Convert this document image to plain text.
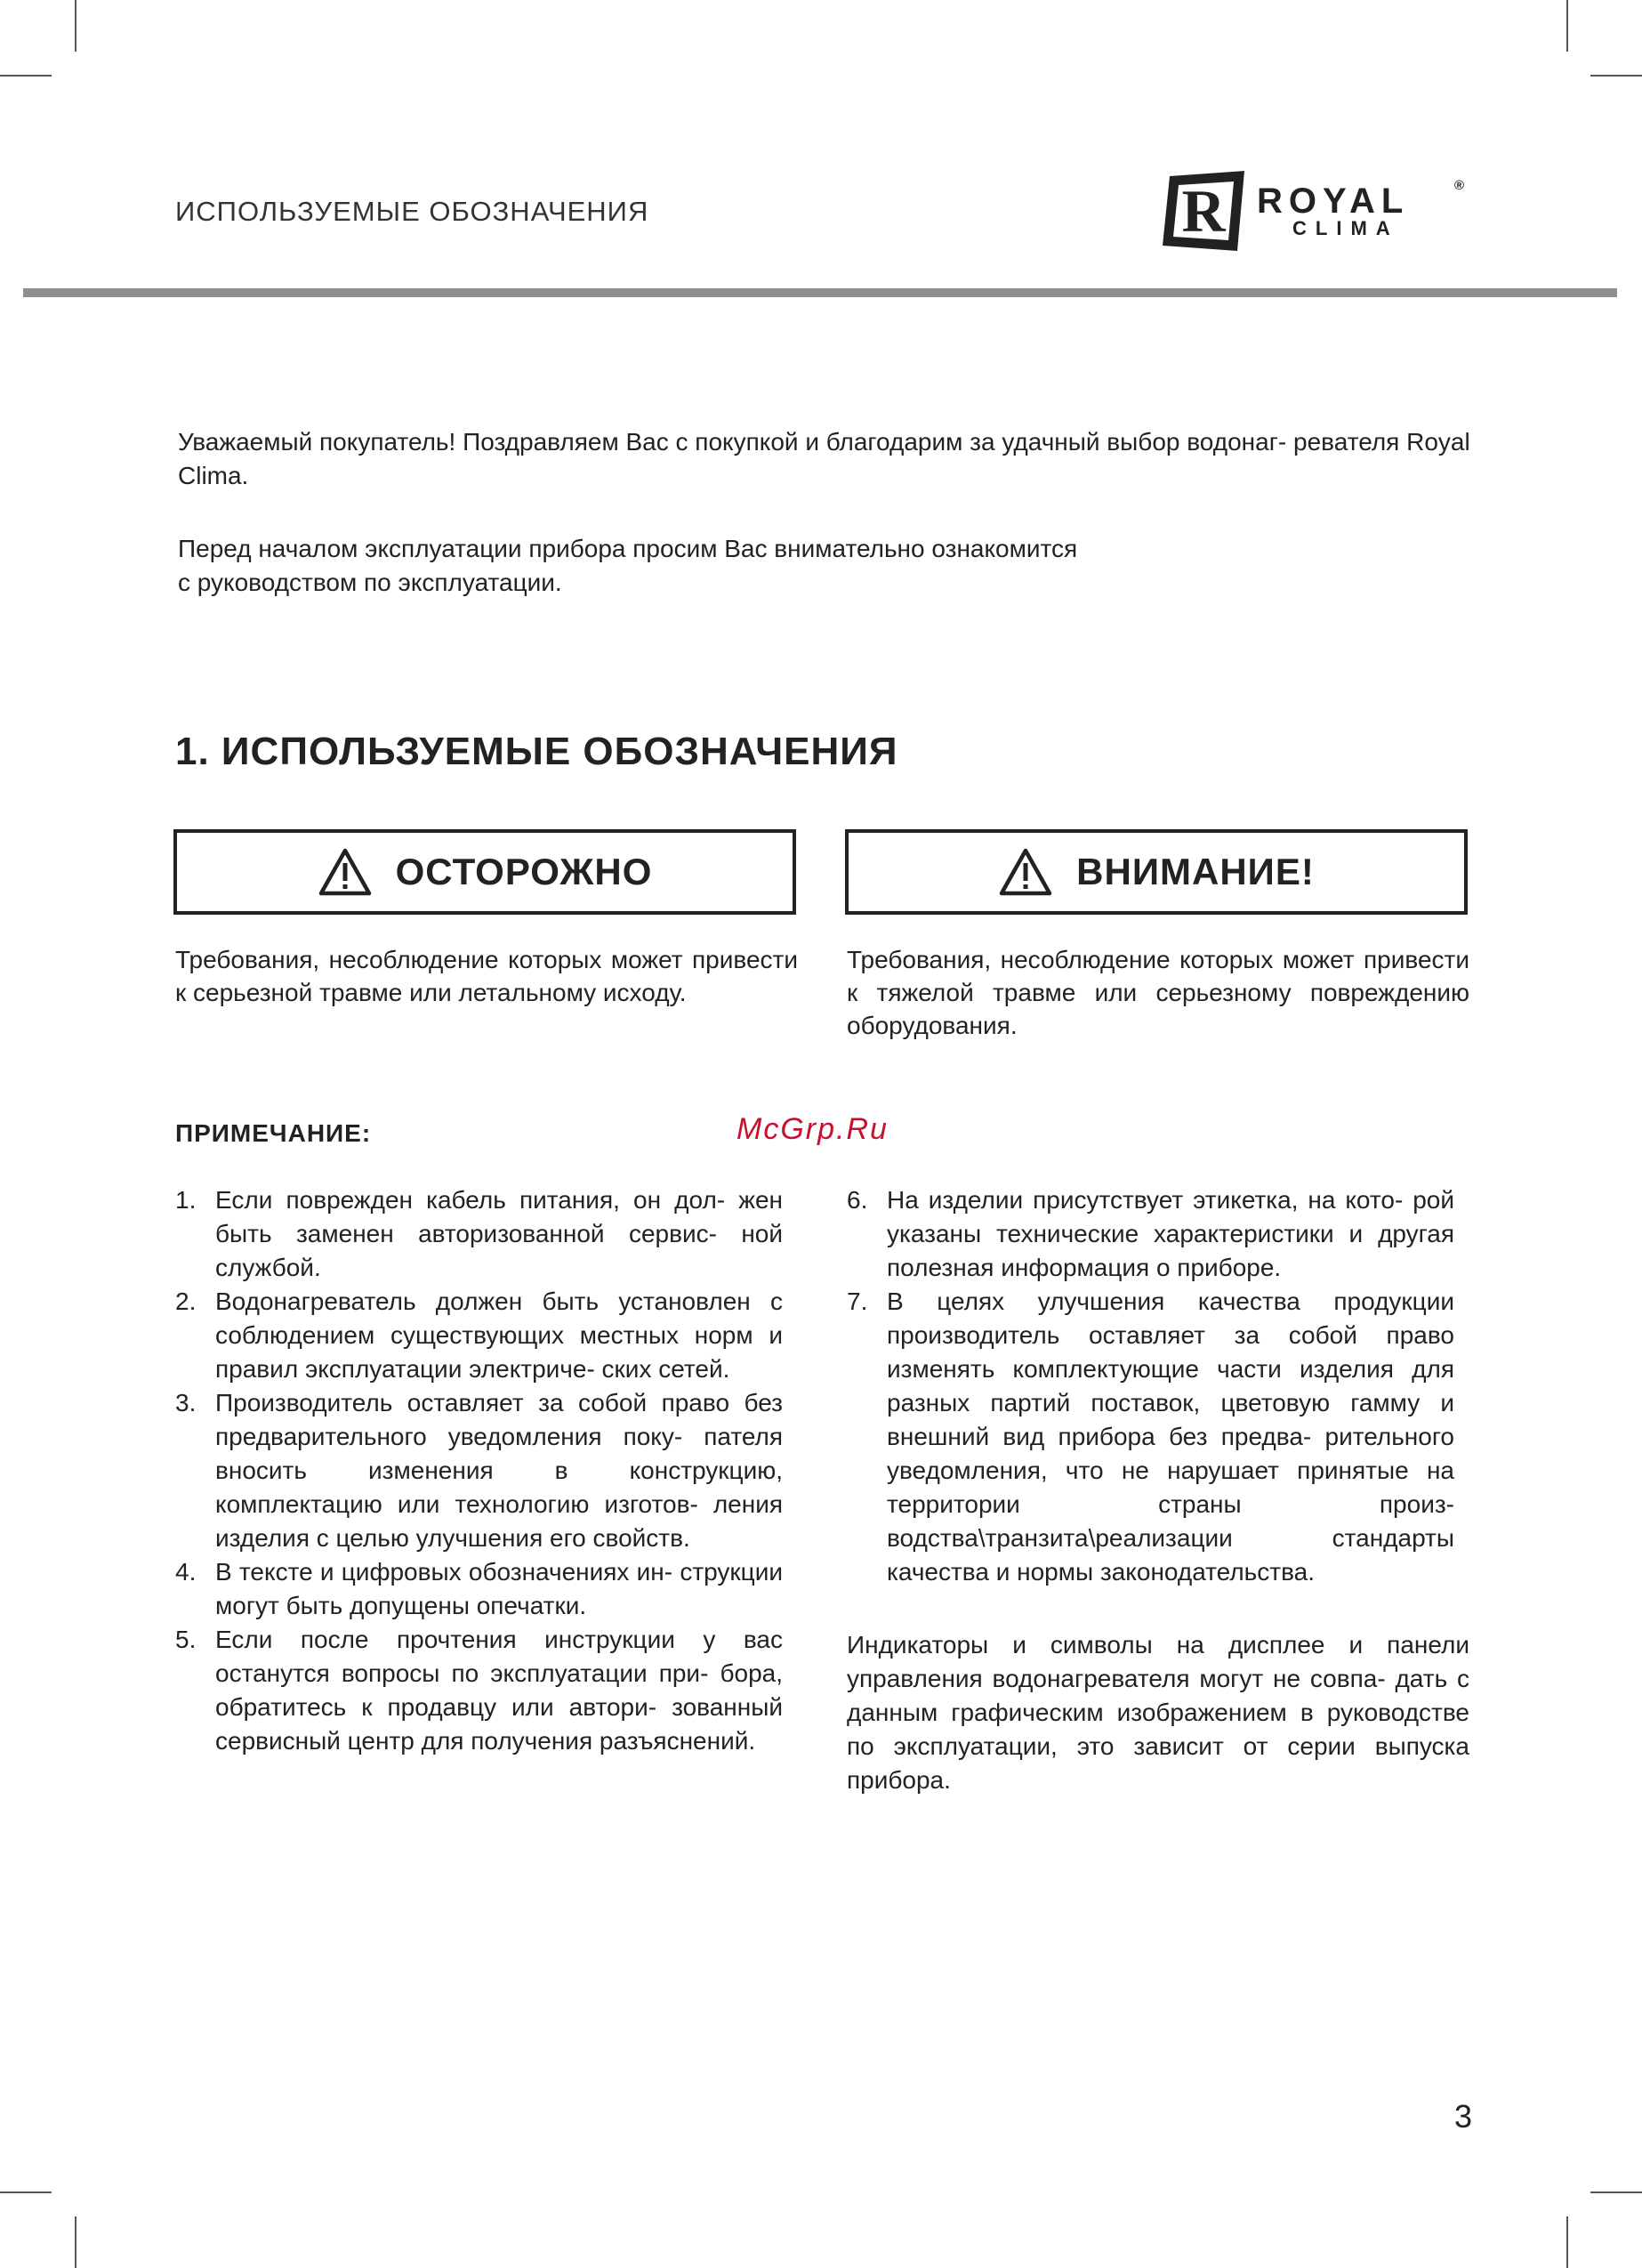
ИСПОЛЬЗУЕМЫЕ ОБОЗНАЧЕНИЯ	R ROYAL	®
CLIMA
Уважаемый покупатель! Поздравляем Вас с покупкой и благодарим за удачный выбор водонаг- ревателя Royal Clima.
Перед началом эксплуатации прибора просим Вас внимательно ознакомится
с руководством по эксплуатации.
1. ИСПОЛЬЗУЕМЫЕ ОБОЗНАЧЕНИЯ
ОСТОРОЖНО	ВНИМАНИЕ!
Требования, несоблюдение которых может привести к серьезной травме или летальному исходу.
Требования, несоблюдение которых может привести к тяжелой травме или серьезному повреждению оборудования.
ПРИМЕЧАНИЕ:	McGrp.Ru
1. Если поврежден кабель питания, он дол- жен быть заменен авторизованной сервис- ной службой.
2. Водонагреватель должен быть установлен с соблюдением существующих местных норм и правил эксплуатации электриче- ских сетей.
3. Производитель оставляет за собой право без предварительного уведомления поку- пателя вносить изменения в конструкцию, комплектацию или технологию изготов- ления изделия с целью улучшения его свойств.
4. В тексте и цифровых обозначениях ин- струкции могут быть допущены опечатки.
5. Если после прочтения инструкции у вас останутся вопросы по эксплуатации при- бора, обратитесь к продавцу или автори- зованный сервисный центр для получения разъяснений.
6. На изделии присутствует этикетка, на кото- рой указаны технические характеристики и другая полезная информация о приборе.
7. В целях улучшения качества продукции производитель оставляет за собой право изменять комплектующие части изделия для разных партий поставок, цветовую гамму и внешний вид прибора без предва- рительного уведомления, что не нарушает принятые на территории страны произ- водства\транзита\реализации стандарты качества и нормы законодательства.
Индикаторы и символы на дисплее и панели управления водонагревателя могут не совпа- дать с данным графическим изображением в руководстве по эксплуатации, это зависит от серии выпуска прибора.
3
